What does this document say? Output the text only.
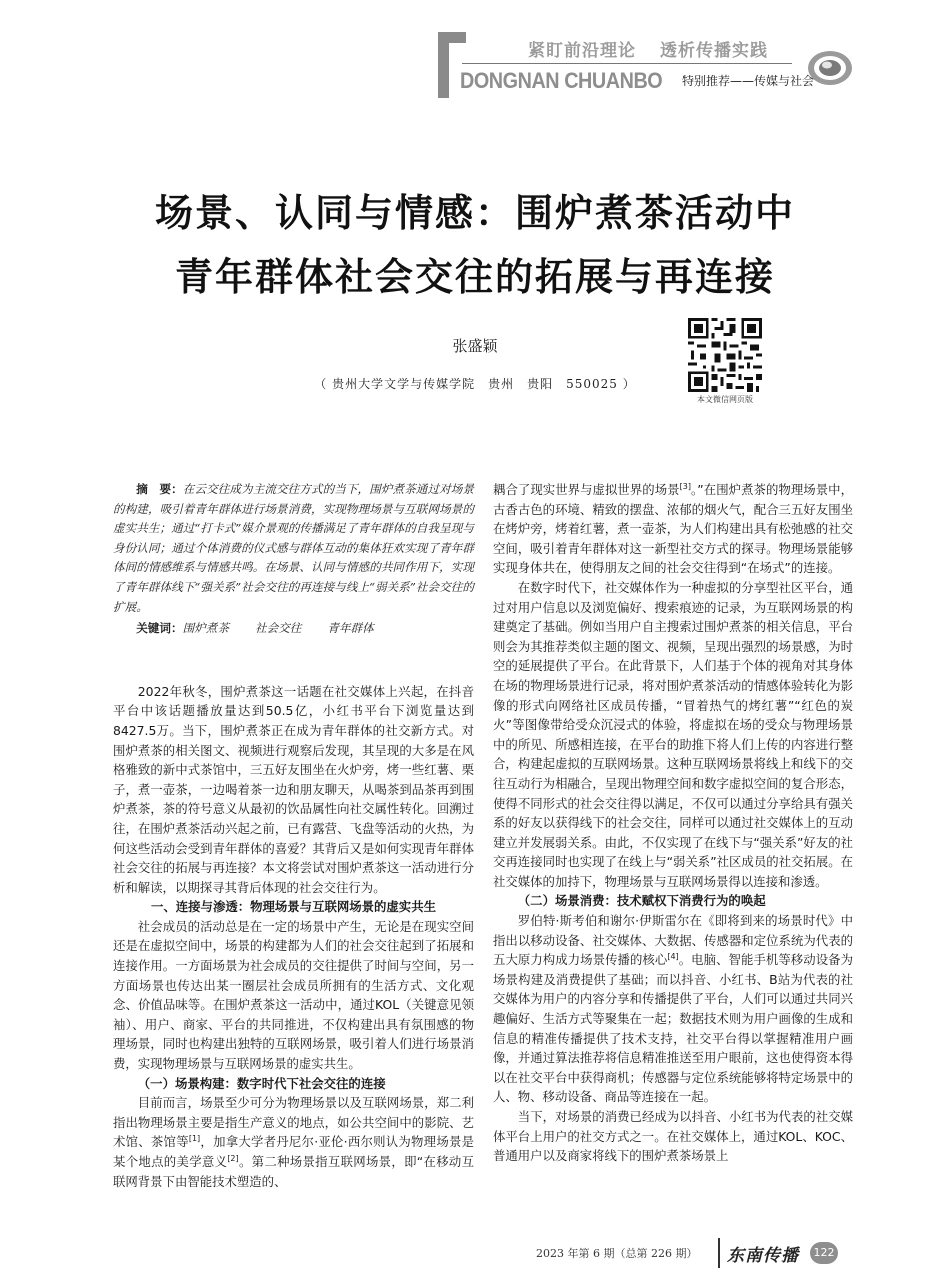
紧盯前沿理论 透析传播实践
DONGNAN CHUANBO 特别推荐——传媒与社会
场景、认同与情感：围炉煮茶活动中
青年群体社会交往的拓展与再连接
张盛颖
（ 贵州大学文学与传媒学院　贵州　贵阳　550025 ）
本文微信网页版

摘　要：在云交往成为主流交往方式的当下，围炉煮茶通过对场景的构建，吸引着青年群体进行场景消费，实现物理场景与互联网场景的虚实共生；通过“打卡式”媒介景观的传播满足了青年群体的自我呈现与身份认同；通过个体消费的仪式感与群体互动的集体狂欢实现了青年群体间的情感维系与情感共鸣。在场景、认同与情感的共同作用下，实现了青年群体线下“强关系”社会交往的再连接与线上“弱关系”社会交往的扩展。

关键词：围炉煮茶 社会交往 青年群体

2022年秋冬，围炉煮茶这一话题在社交媒体上兴起，在抖音平台中该话题播放量达到50.5亿，小红书平台下浏览量达到8427.5万。当下，围炉煮茶正在成为青年群体的社交新方式。对围炉煮茶的相关图文、视频进行观察后发现，其呈现的大多是在风格雅致的新中式茶馆中，三五好友围坐在火炉旁，烤一些红薯、栗子，煮一壶茶，一边喝着茶一边和朋友聊天，从喝茶到品茶再到围炉煮茶，茶的符号意义从最初的饮品属性向社交属性转化。回溯过往，在围炉煮茶活动兴起之前，已有露营、飞盘等活动的火热，为何这些活动会受到青年群体的喜爱？其背后又是如何实现青年群体社会交往的拓展与再连接？本文将尝试对围炉煮茶这一活动进行分析和解读，以期探寻其背后体现的社会交往行为。

一、连接与渗透：物理场景与互联网场景的虚实共生

社会成员的活动总是在一定的场景中产生，无论是在现实空间还是在虚拟空间中，场景的构建都为人们的社会交往起到了拓展和连接作用。一方面场景为社会成员的交往提供了时间与空间，另一方面场景也传达出某一圈层社会成员所拥有的生活方式、文化观念、价值品味等。在围炉煮茶这一活动中，通过KOL（关键意见领袖）、用户、商家、平台的共同推进，不仅构建出具有氛围感的物理场景，同时也构建出独特的互联网场景，吸引着人们进行场景消费，实现物理场景与互联网场景的虚实共生。

（一）场景构建：数字时代下社会交往的连接

目前而言，场景至少可分为物理场景以及互联网场景，郑二利指出物理场景主要是指生产意义的地点，如公共空间中的影院、艺术馆、茶馆等[1]，加拿大学者丹尼尔·亚伦·西尔则认为物理场景是某个地点的美学意义[2]。第二种场景指互联网场景，即“在移动互联网背景下由智能技术塑造的、

耦合了现实世界与虚拟世界的场景[3]。”在围炉煮茶的物理场景中，古香古色的环境、精致的摆盘、浓郁的烟火气，配合三五好友围坐在烤炉旁，烤着红薯，煮一壶茶，为人们构建出具有松弛感的社交空间，吸引着青年群体对这一新型社交方式的探寻。物理场景能够实现身体共在，使得朋友之间的社会交往得到“在场式”的连接。

在数字时代下，社交媒体作为一种虚拟的分享型社区平台，通过对用户信息以及浏览偏好、搜索痕迹的记录，为互联网场景的构建奠定了基础。例如当用户自主搜索过围炉煮茶的相关信息，平台则会为其推荐类似主题的图文、视频，呈现出强烈的场景感，为时空的延展提供了平台。在此背景下，人们基于个体的视角对其身体在场的物理场景进行记录，将对围炉煮茶活动的情感体验转化为影像的形式向网络社区成员传播，“冒着热气的烤红薯”“红色的炭火”等图像带给受众沉浸式的体验，将虚拟在场的受众与物理场景中的所见、所感相连接，在平台的助推下将人们上传的内容进行整合，构建起虚拟的互联网场景。这种互联网场景将线上和线下的交往互动行为相融合，呈现出物理空间和数字虚拟空间的复合形态，使得不同形式的社会交往得以满足，不仅可以通过分享给具有强关系的好友以获得线下的社会交往，同样可以通过社交媒体上的互动建立并发展弱关系。由此，不仅实现了在线下与“强关系”好友的社交再连接同时也实现了在线上与“弱关系”社区成员的社交拓展。在社交媒体的加持下，物理场景与互联网场景得以连接和渗透。

（二）场景消费：技术赋权下消费行为的唤起

罗伯特·斯考伯和谢尔·伊斯雷尔在《即将到来的场景时代》中指出以移动设备、社交媒体、大数据、传感器和定位系统为代表的五大原力构成力场景传播的核心[4]。电脑、智能手机等移动设备为场景构建及消费提供了基础；而以抖音、小红书、B站为代表的社交媒体为用户的内容分享和传播提供了平台，人们可以通过共同兴趣偏好、生活方式等聚集在一起；数据技术则为用户画像的生成和信息的精准传播提供了技术支持，社交平台得以掌握精准用户画像，并通过算法推荐将信息精准推送至用户眼前，这也使得资本得以在社交平台中获得商机；传感器与定位系统能够将特定场景中的人、物、移动设备、商品等连接在一起。

当下，对场景的消费已经成为以抖音、小红书为代表的社交媒体平台上用户的社交方式之一。在社交媒体上，通过KOL、KOC、普通用户以及商家将线下的围炉煮茶场景上

2023 年第 6 期（总第 226 期） 东南传播	122
